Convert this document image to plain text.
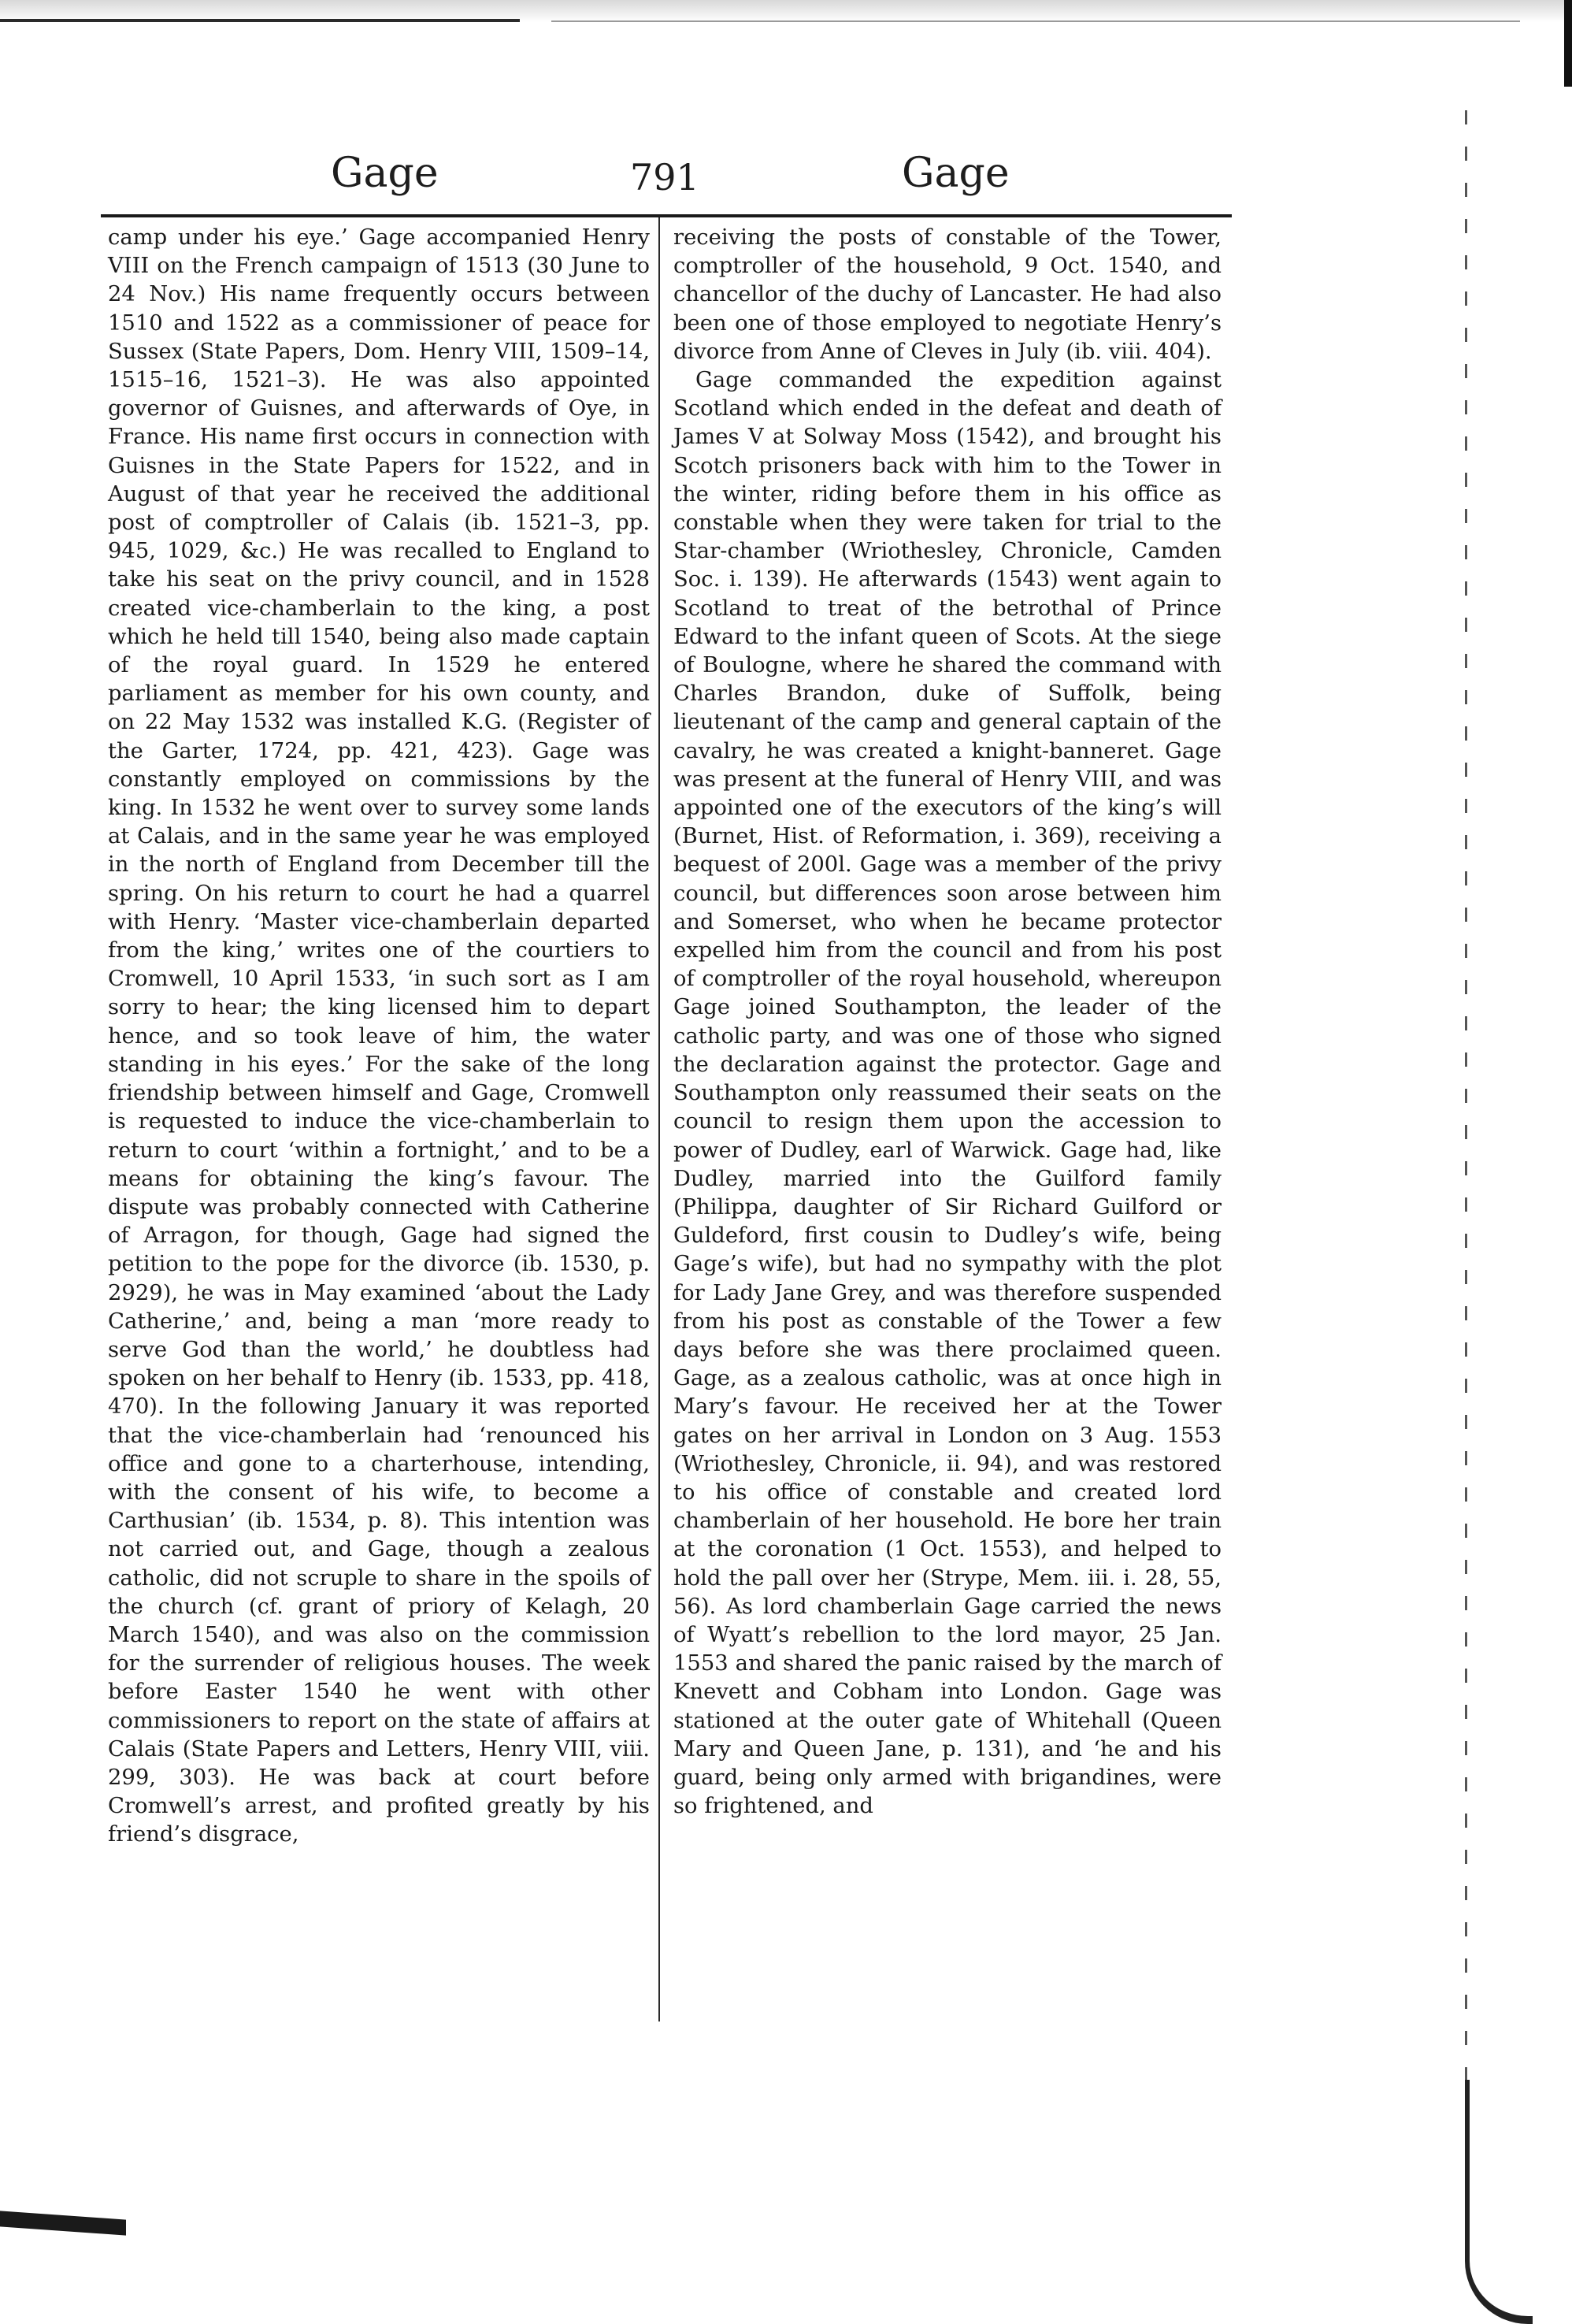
Gage	791	Gage

camp under his eye.’ Gage accompanied Henry VIII on the French campaign of 1513 (30 June to 24 Nov.) His name frequently occurs between 1510 and 1522 as a commissioner of peace for Sussex (State Papers, Dom. Henry VIII, 1509–14, 1515–16, 1521–3). He was also appointed governor of Guisnes, and afterwards of Oye, in France. His name first occurs in connection with Guisnes in the State Papers for 1522, and in August of that year he received the additional post of comptroller of Calais (ib. 1521–3, pp. 945, 1029, &c.) He was recalled to England to take his seat on the privy council, and in 1528 created vice-chamberlain to the king, a post which he held till 1540, being also made captain of the royal guard. In 1529 he entered parliament as member for his own county, and on 22 May 1532 was installed K.G. (Register of the Garter, 1724, pp. 421, 423). Gage was constantly employed on commissions by the king. In 1532 he went over to survey some lands at Calais, and in the same year he was employed in the north of England from December till the spring. On his return to court he had a quarrel with Henry. ‘Master vice-chamberlain departed from the king,’ writes one of the courtiers to Cromwell, 10 April 1533, ‘in such sort as I am sorry to hear; the king licensed him to depart hence, and so took leave of him, the water standing in his eyes.’ For the sake of the long friendship between himself and Gage, Cromwell is requested to induce the vice-chamberlain to return to court ‘within a fortnight,’ and to be a means for obtaining the king’s favour. The dispute was probably connected with Catherine of Arragon, for though, Gage had signed the petition to the pope for the divorce (ib. 1530, p. 2929), he was in May examined ‘about the Lady Catherine,’ and, being a man ‘more ready to serve God than the world,’ he doubtless had spoken on her behalf to Henry (ib. 1533, pp. 418, 470). In the following January it was reported that the vice-chamberlain had ‘renounced his office and gone to a charterhouse, intending, with the consent of his wife, to become a Carthusian’ (ib. 1534, p. 8). This intention was not carried out, and Gage, though a zealous catholic, did not scruple to share in the spoils of the church (cf. grant of priory of Kelagh, 20 March 1540), and was also on the commission for the surrender of religious houses. The week before Easter 1540 he went with other commissioners to report on the state of affairs at Calais (State Papers and Letters, Henry VIII, viii. 299, 303). He was back at court before Cromwell’s arrest, and profited greatly by his friend’s disgrace,

receiving the posts of constable of the Tower, comptroller of the household, 9 Oct. 1540, and chancellor of the duchy of Lancaster. He had also been one of those employed to negotiate Henry’s divorce from Anne of Cleves in July (ib. viii. 404).

Gage commanded the expedition against Scotland which ended in the defeat and death of James V at Solway Moss (1542), and brought his Scotch prisoners back with him to the Tower in the winter, riding before them in his office as constable when they were taken for trial to the Star-chamber (Wriothesley, Chronicle, Camden Soc. i. 139). He afterwards (1543) went again to Scotland to treat of the betrothal of Prince Edward to the infant queen of Scots. At the siege of Boulogne, where he shared the command with Charles Brandon, duke of Suffolk, being lieutenant of the camp and general captain of the cavalry, he was created a knight-banneret. Gage was present at the funeral of Henry VIII, and was appointed one of the executors of the king’s will (Burnet, Hist. of Reformation, i. 369), receiving a bequest of 200l. Gage was a member of the privy council, but differences soon arose between him and Somerset, who when he became protector expelled him from the council and from his post of comptroller of the royal household, whereupon Gage joined Southampton, the leader of the catholic party, and was one of those who signed the declaration against the protector. Gage and Southampton only reassumed their seats on the council to resign them upon the accession to power of Dudley, earl of Warwick. Gage had, like Dudley, married into the Guilford family (Philippa, daughter of Sir Richard Guilford or Guldeford, first cousin to Dudley’s wife, being Gage’s wife), but had no sympathy with the plot for Lady Jane Grey, and was therefore suspended from his post as constable of the Tower a few days before she was there proclaimed queen. Gage, as a zealous catholic, was at once high in Mary’s favour. He received her at the Tower gates on her arrival in London on 3 Aug. 1553 (Wriothesley, Chronicle, ii. 94), and was restored to his office of constable and created lord chamberlain of her household. He bore her train at the coronation (1 Oct. 1553), and helped to hold the pall over her (Strype, Mem. iii. i. 28, 55, 56). As lord chamberlain Gage carried the news of Wyatt’s rebellion to the lord mayor, 25 Jan. 1553 and shared the panic raised by the march of Knevett and Cobham into London. Gage was stationed at the outer gate of Whitehall (Queen Mary and Queen Jane, p. 131), and ‘he and his guard, being only armed with brigandines, were so frightened, and
